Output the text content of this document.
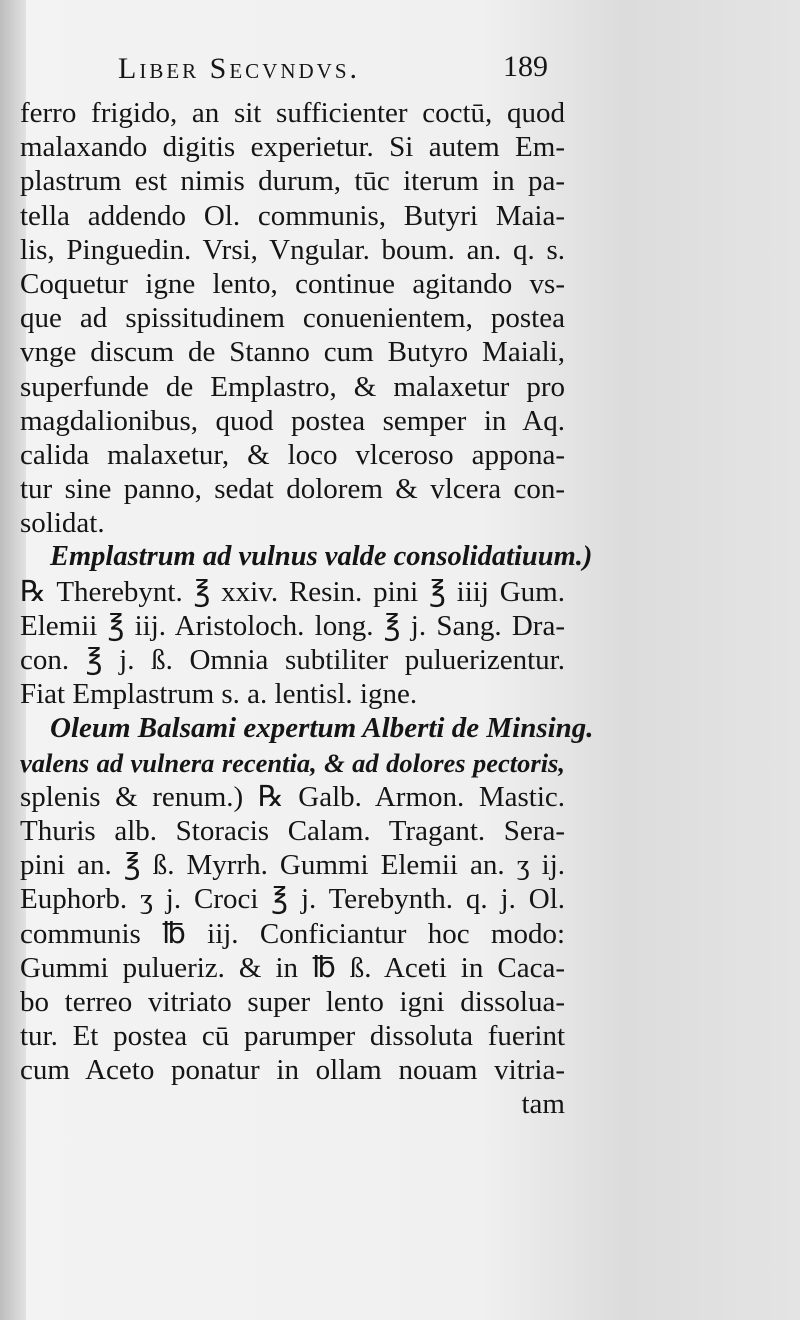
Liber Secvndvs.	189
ferro frigido, an sit sufficienter coctū, quod
malaxando digitis experietur. Si autem Em-
plastrum est nimis durum, tūc iterum in pa-
tella addendo Ol. communis, Butyri Maia-
lis, Pinguedin. Vrsi, Vngular. boum. an. q. s.
Coquetur igne lento, continue agitando vs-
que ad spissitudinem conuenientem, postea
vnge discum de Stanno cum Butyro Maiali,
superfunde de Emplastro, & malaxetur pro
magdalionibus, quod postea semper in Aq.
calida malaxetur, & loco vlceroso appona-
tur sine panno, sedat dolorem & vlcera con-
solidat.
Emplastrum ad vulnus valde consolidatiuum.)
℞ Therebynt. ℥ xxiv. Resin. pini ℥ iiij Gum.
Elemii ℥ iij. Aristoloch. long. ℥ j. Sang. Dra-
con. ℥ j. ß. Omnia subtiliter puluerizentur.
Fiat Emplastrum s. a. lentisl. igne.
Oleum Balsami expertum Alberti de Minsing.
valens ad vulnera recentia, & ad dolores pectoris,
splenis & renum.) ℞ Galb. Armon. Mastic.
Thuris alb. Storacis Calam. Tragant. Sera-
pini an. ℥ ß. Myrrh. Gummi Elemii an. ʒ ij.
Euphorb. ʒ j. Croci ℥ j. Terebynth. q. j. Ol.
communis ℔ iij. Conficiantur hoc modo:
Gummi pulueriz. & in ℔ ß. Aceti in Caca-
bo terreo vitriato super lento igni dissolua-
tur. Et postea cū parumper dissoluta fuerint
cum Aceto ponatur in ollam nouam vitria-
tam
